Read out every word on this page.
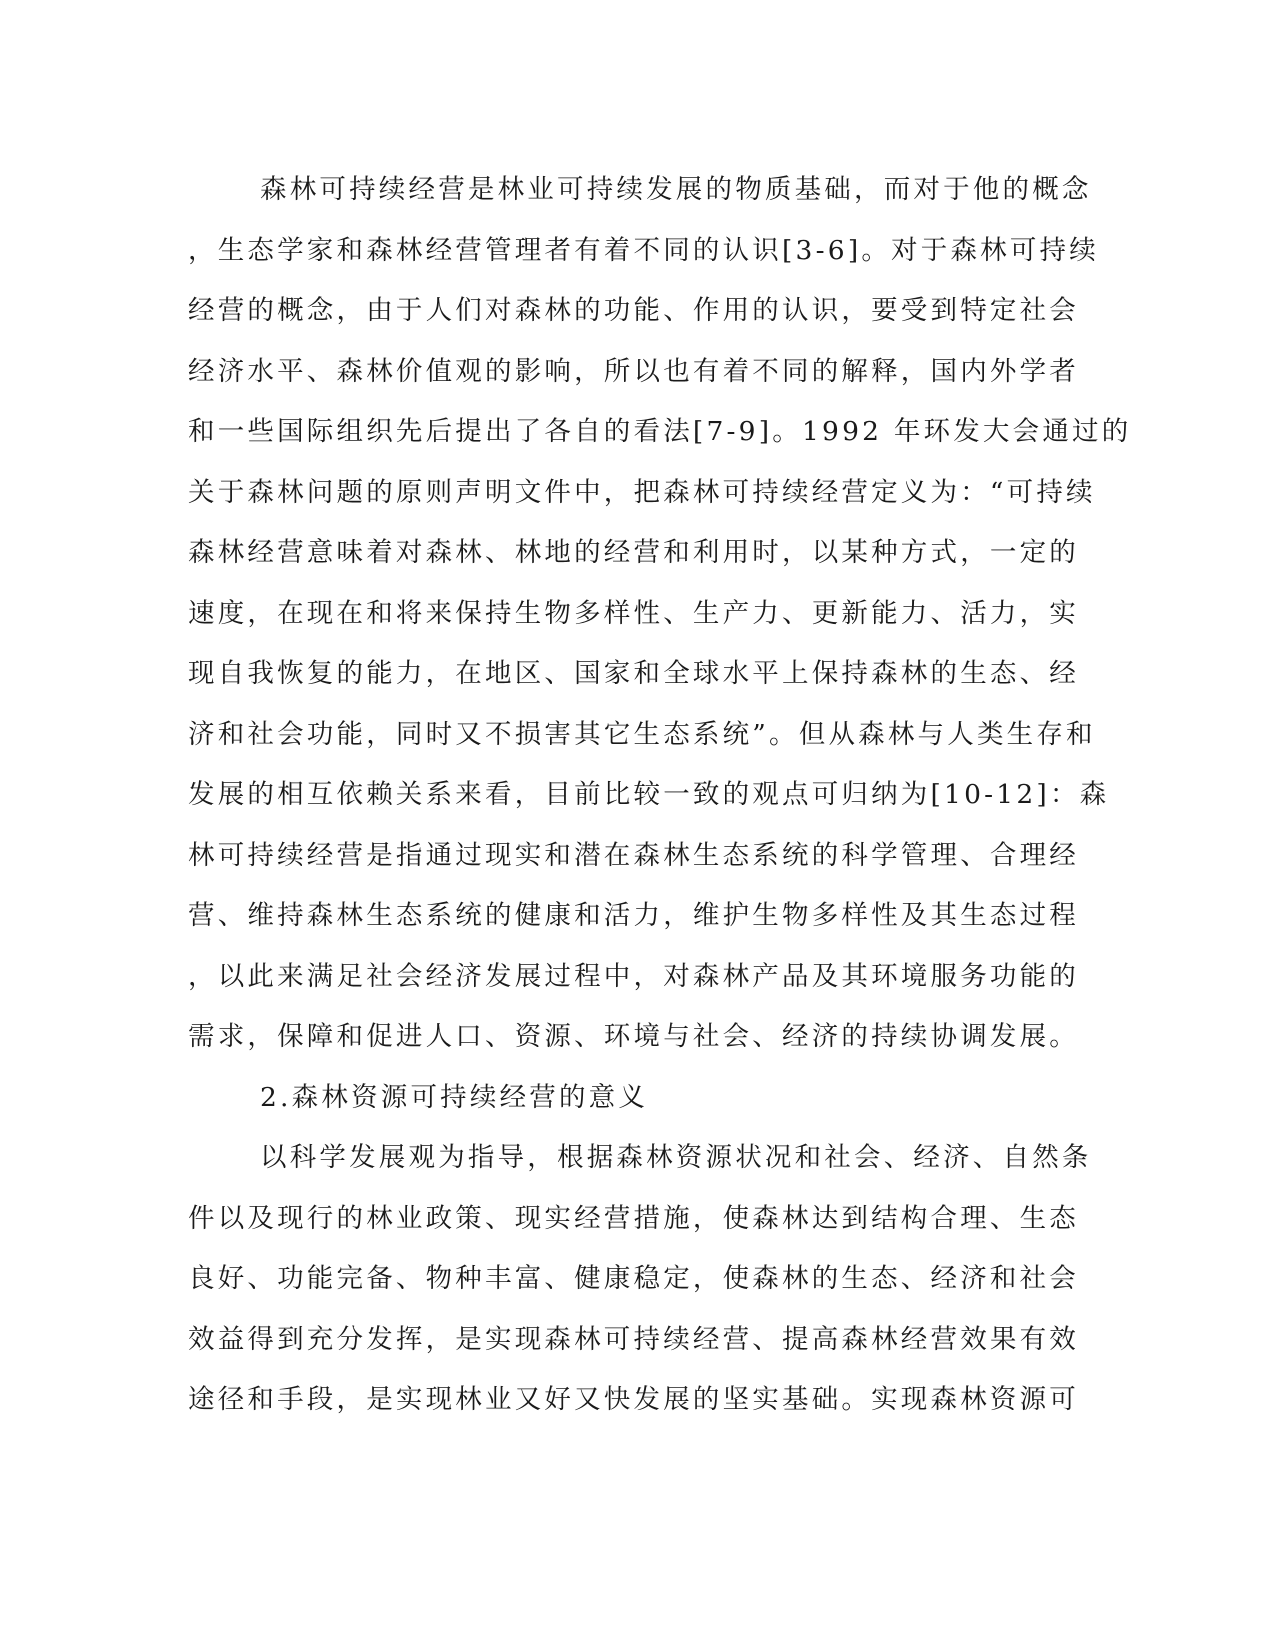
森林可持续经营是林业可持续发展的物质基础，而对于他的概念
，生态学家和森林经营管理者有着不同的认识[3-6]。对于森林可持续
经营的概念，由于人们对森林的功能、作用的认识，要受到特定社会
经济水平、森林价值观的影响，所以也有着不同的解释，国内外学者
和一些国际组织先后提出了各自的看法[7-9]。1992 年环发大会通过的
关于森林问题的原则声明文件中，把森林可持续经营定义为：“可持续
森林经营意味着对森林、林地的经营和利用时，以某种方式，一定的
速度，在现在和将来保持生物多样性、生产力、更新能力、活力，实
现自我恢复的能力，在地区、国家和全球水平上保持森林的生态、经
济和社会功能，同时又不损害其它生态系统”。但从森林与人类生存和
发展的相互依赖关系来看，目前比较一致的观点可归纳为[10-12]：森
林可持续经营是指通过现实和潜在森林生态系统的科学管理、合理经
营、维持森林生态系统的健康和活力，维护生物多样性及其生态过程
，以此来满足社会经济发展过程中，对森林产品及其环境服务功能的
需求，保障和促进人口、资源、环境与社会、经济的持续协调发展。
2.森林资源可持续经营的意义
以科学发展观为指导，根据森林资源状况和社会、经济、自然条
件以及现行的林业政策、现实经营措施，使森林达到结构合理、生态
良好、功能完备、物种丰富、健康稳定，使森林的生态、经济和社会
效益得到充分发挥，是实现森林可持续经营、提高森林经营效果有效
途径和手段，是实现林业又好又快发展的坚实基础。实现森林资源可
